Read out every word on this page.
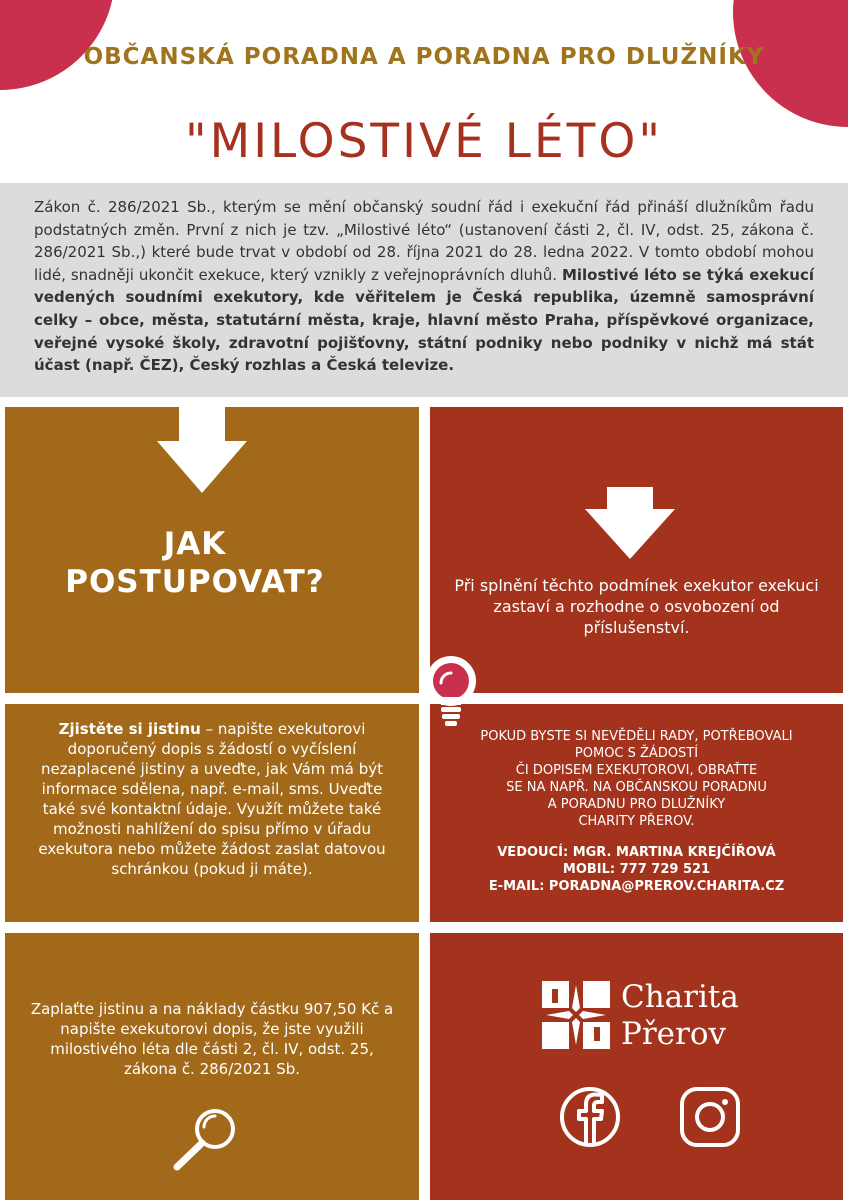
OBČANSKÁ PORADNA A PORADNA PRO DLUŽNÍKY
"MILOSTIVÉ LÉTO"

Zákon č. 286/2021 Sb., kterým se mění občanský soudní řád i exekuční řád přináší dlužníkům řadu podstatných změn. První z nich je tzv. „Milostivé léto“ (ustanovení části 2, čl. IV, odst. 25, zákona č. 286/2021 Sb.,) které bude trvat v období od 28. října 2021 do 28. ledna 2022. V tomto období mohou lidé, snadněji ukončit exekuce, který vznikly z veřejnoprávních dluhů. Milostivé léto se týká exekucí vedených soudními exekutory, kde věřitelem je Česká republika, územně samosprávní celky – obce, města, statutární města, kraje, hlavní město Praha, příspěvkové organizace, veřejné vysoké školy, zdravotní pojišťovny, státní podniky nebo podniky v nichž má stát účast (např. ČEZ), Český rozhlas a Česká televize.

JAK
POSTUPOVAT?	Při splnění těchto podmínek exekutor exekuci zastaví a rozhodne o osvobození od příslušenství.
Zjistěte si jistinu – napište exekutorovi doporučený dopis s žádostí o vyčíslení nezaplacené jistiny a uveďte, jak Vám má být informace sdělena, např. e-mail, sms. Uveďte také své kontaktní údaje. Využít můžete také možnosti nahlížení do spisu přímo v úřadu exekutora nebo můžete žádost zaslat datovou schránkou (pokud ji máte).
POKUD BYSTE SI NEVĚDĚLI RADY, POTŘEBOVALI
POMOC S ŽÁDOSTÍ
ČI DOPISEM EXEKUTOROVI, OBRAŤTE
SE NA NAPŘ. NA OBČANSKOU PORADNU
A PORADNU PRO DLUŽNÍKY
CHARITY PŘEROV.
VEDOUCÍ: MGR. MARTINA KREJČÍŘOVÁ
MOBIL: 777 729 521
E-MAIL: PORADNA@PREROV.CHARITA.CZ
Zaplaťte jistinu a na náklady částku 907,50 Kč a napište exekutorovi dopis, že jste využili milostivého léta dle části 2, čl. IV, odst. 25, zákona č. 286/2021 Sb.
Charita
Přerov
